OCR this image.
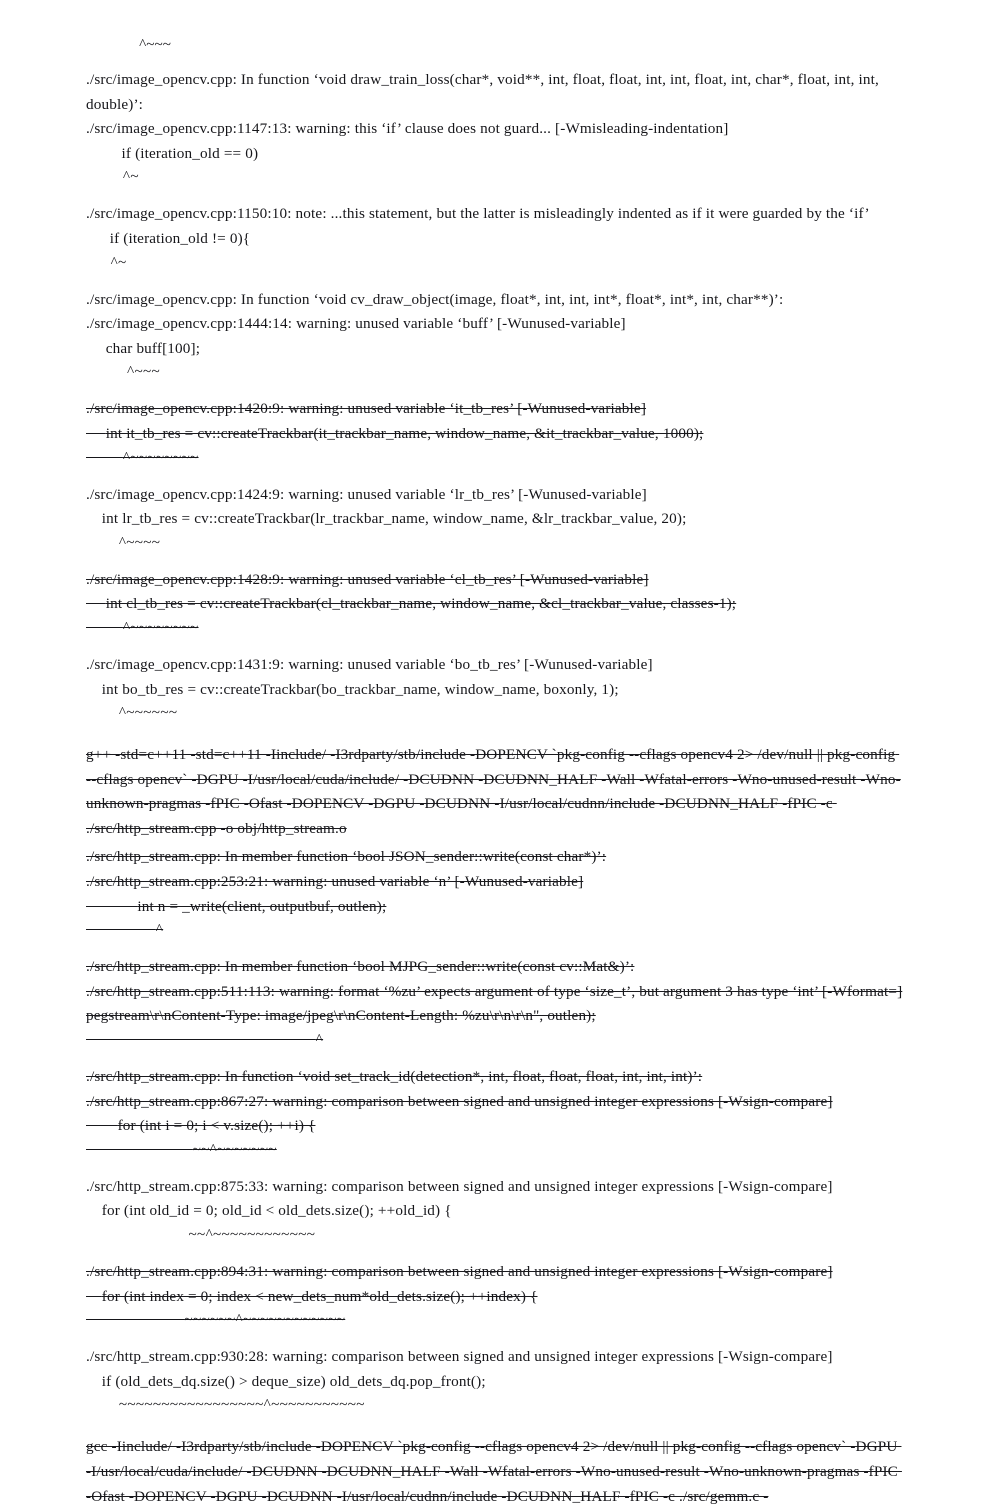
^~~~
./src/image_opencv.cpp: In function ‘void draw_train_loss(char*, void**, int, float, float, int, int, float, int, char*, float, int, int, double)’:
./src/image_opencv.cpp:1147:13: warning: this ‘if’ clause does not guard... [-Wmisleading-indentation]
if (iteration_old == 0)
^~
./src/image_opencv.cpp:1150:10: note: ...this statement, but the latter is misleadingly indented as if it were guarded by the ‘if’
if (iteration_old != 0){
^~
./src/image_opencv.cpp: In function ‘void cv_draw_object(image, float*, int, int, int*, float*, int*, int, char**)’:
./src/image_opencv.cpp:1444:14: warning: unused variable ‘buff’ [-Wunused-variable]
char buff[100];
^~~~
./src/image_opencv.cpp:1420:9: warning: unused variable ‘it_tb_res’ [-Wunused-variable]
int it_tb_res = cv::createTrackbar(it_trackbar_name, window_name, &it_trackbar_value, 1000);
^~~~~~~~~
./src/image_opencv.cpp:1424:9: warning: unused variable ‘lr_tb_res’ [-Wunused-variable]
int lr_tb_res = cv::createTrackbar(lr_trackbar_name, window_name, &lr_trackbar_value, 20);
^~~~~
./src/image_opencv.cpp:1428:9: warning: unused variable ‘cl_tb_res’ [-Wunused-variable]
int cl_tb_res = cv::createTrackbar(cl_trackbar_name, window_name, &cl_trackbar_value, classes-1);
^~~~~~~~~
./src/image_opencv.cpp:1431:9: warning: unused variable ‘bo_tb_res’ [-Wunused-variable]
int bo_tb_res = cv::createTrackbar(bo_trackbar_name, window_name, boxonly, 1);
^~~~~~~
g++ -std=c++11 -std=c++11 -Iinclude/ -I3rdparty/stb/include -DOPENCV `pkg-config --cflags opencv4 2> /dev/null || pkg-config --cflags opencv` -DGPU -I/usr/local/cuda/include/ -DCUDNN -DCUDNN_HALF -Wall -Wfatal-errors -Wno-unused-result -Wno-unknown-pragmas -fPIC -Ofast -DOPENCV -DGPU -DCUDNN -I/usr/local/cudnn/include -DCUDNN_HALF -fPIC -c ./src/http_stream.cpp -o obj/http_stream.o
./src/http_stream.cpp: In member function ‘bool JSON_sender::write(const char*)’:
./src/http_stream.cpp:253:21: warning: unused variable ‘n’ [-Wunused-variable]
int n = _write(client, outputbuf, outlen);
^
./src/http_stream.cpp: In member function ‘bool MJPG_sender::write(const cv::Mat&)’:
./src/http_stream.cpp:511:113: warning: format ‘%zu’ expects argument of type ‘size_t’, but argument 3 has type ‘int’ [-Wformat=]
pegstream\r\nContent-Type: image/jpeg\r\nContent-Length: %zu\r\n\r\n", outlen);
^
./src/http_stream.cpp: In function ‘void set_track_id(detection*, int, float, float, float, int, int, int)’:
./src/http_stream.cpp:867:27: warning: comparison between signed and unsigned integer expressions [-Wsign-compare]
for (int i = 0; i < v.size(); ++i) {
~~^~~~~~~~
./src/http_stream.cpp:875:33: warning: comparison between signed and unsigned integer expressions [-Wsign-compare]
for (int old_id = 0; old_id < old_dets.size(); ++old_id) {
~~^~~~~~~~~~~~~
./src/http_stream.cpp:894:31: warning: comparison between signed and unsigned integer expressions [-Wsign-compare]
for (int index = 0; index < new_dets_num*old_dets.size(); ++index) {
~~~~~~^~~~~~~~~~~~~
./src/http_stream.cpp:930:28: warning: comparison between signed and unsigned integer expressions [-Wsign-compare]
if (old_dets_dq.size() > deque_size) old_dets_dq.pop_front();
~~~~~~~~~~~~~~~~~^~~~~~~~~~~~
gcc -Iinclude/ -I3rdparty/stb/include -DOPENCV `pkg-config --cflags opencv4 2> /dev/null || pkg-config --cflags opencv` -DGPU -I/usr/local/cuda/include/ -DCUDNN -DCUDNN_HALF -Wall -Wfatal-errors -Wno-unused-result -Wno-unknown-pragmas -fPIC -Ofast -DOPENCV -DGPU -DCUDNN -I/usr/local/cudnn/include -DCUDNN_HALF -fPIC -c ./src/gemm.c -
